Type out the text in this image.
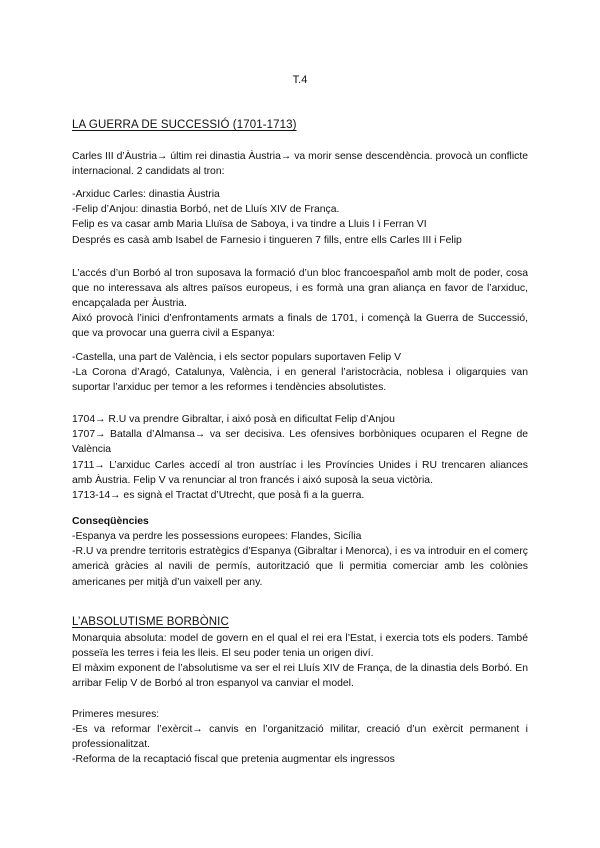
T.4
LA GUERRA DE SUCCESSIÓ (1701-1713)
Carles III d’Àustria→ últim rei dinastia Àustria→ va morir sense descendència. provocà un conflicte internacional. 2 candidats al tron:
-Arxiduc Carles: dinastia Àustria
-Felip d’Anjou: dinastia Borbó, net de Lluís XIV de França.
Felip es va casar amb Maria Lluïsa de Saboya, i va tindre a Lluis I i Ferran VI
Després es casà amb Isabel de Farnesio i tingueren 7 fills, entre ells Carles III i Felip
L’accés d’un Borbó al tron suposava la formació d’un bloc francoespañol amb molt de poder, cosa que no interessava als altres països europeus, i es formà una gran aliança en favor de l’arxiduc, encapçalada per Àustria.
Aixó provocà l’inici d’enfrontaments armats a finals de 1701, i començà la Guerra de Successió, que va provocar una guerra civil a Espanya:
-Castella, una part de València, i els sector populars suportaven Felip V
-La Corona d’Aragó, Catalunya, València, i en general l’aristocràcia, noblesa i oligarquies van suportar l’arxiduc per temor a les reformes i tendències absolutistes.
1704→ R.U va prendre Gibraltar, i aixó posà en dificultat Felip d’Anjou
1707→ Batalla d’Almansa→ va ser decisiva. Les ofensives borbòniques ocuparen el Regne de València
1711→ L’arxiduc Carles accedí al tron austríac i les Províncies Unides i RU trencaren aliances amb Àustria. Felip V va renunciar al tron francés i aixó suposà la seua victòria.
1713-14→ es signà el Tractat d’Utrecht, que posà fi a la guerra.
Conseqüències
-Espanya va perdre les possessions europees: Flandes, Sicília
-R.U va prendre territoris estratègics d’Espanya (Gibraltar i Menorca), i es va introduir en el comerç americà gràcies al navili de permís, autorització que li permitia comerciar amb les colònies americanes per mitjà d’un vaixell per any.
L’ABSOLUTISME BORBÒNIC
Monarquia absoluta: model de govern en el qual el rei era l’Estat, i exercia tots els poders. També posseïa les terres i feia les lleis. El seu poder tenia un origen diví.
El màxim exponent de l’absolutisme va ser el rei Lluís XIV de França, de la dinastia dels Borbó. En arribar Felip V de Borbó al tron espanyol va canviar el model.
Primeres mesures:
-Es va reformar l’exèrcit→ canvis en l’organització militar, creació d’un exèrcit permanent i professionalitzat.
-Reforma de la recaptació fiscal que pretenia augmentar els ingressos
